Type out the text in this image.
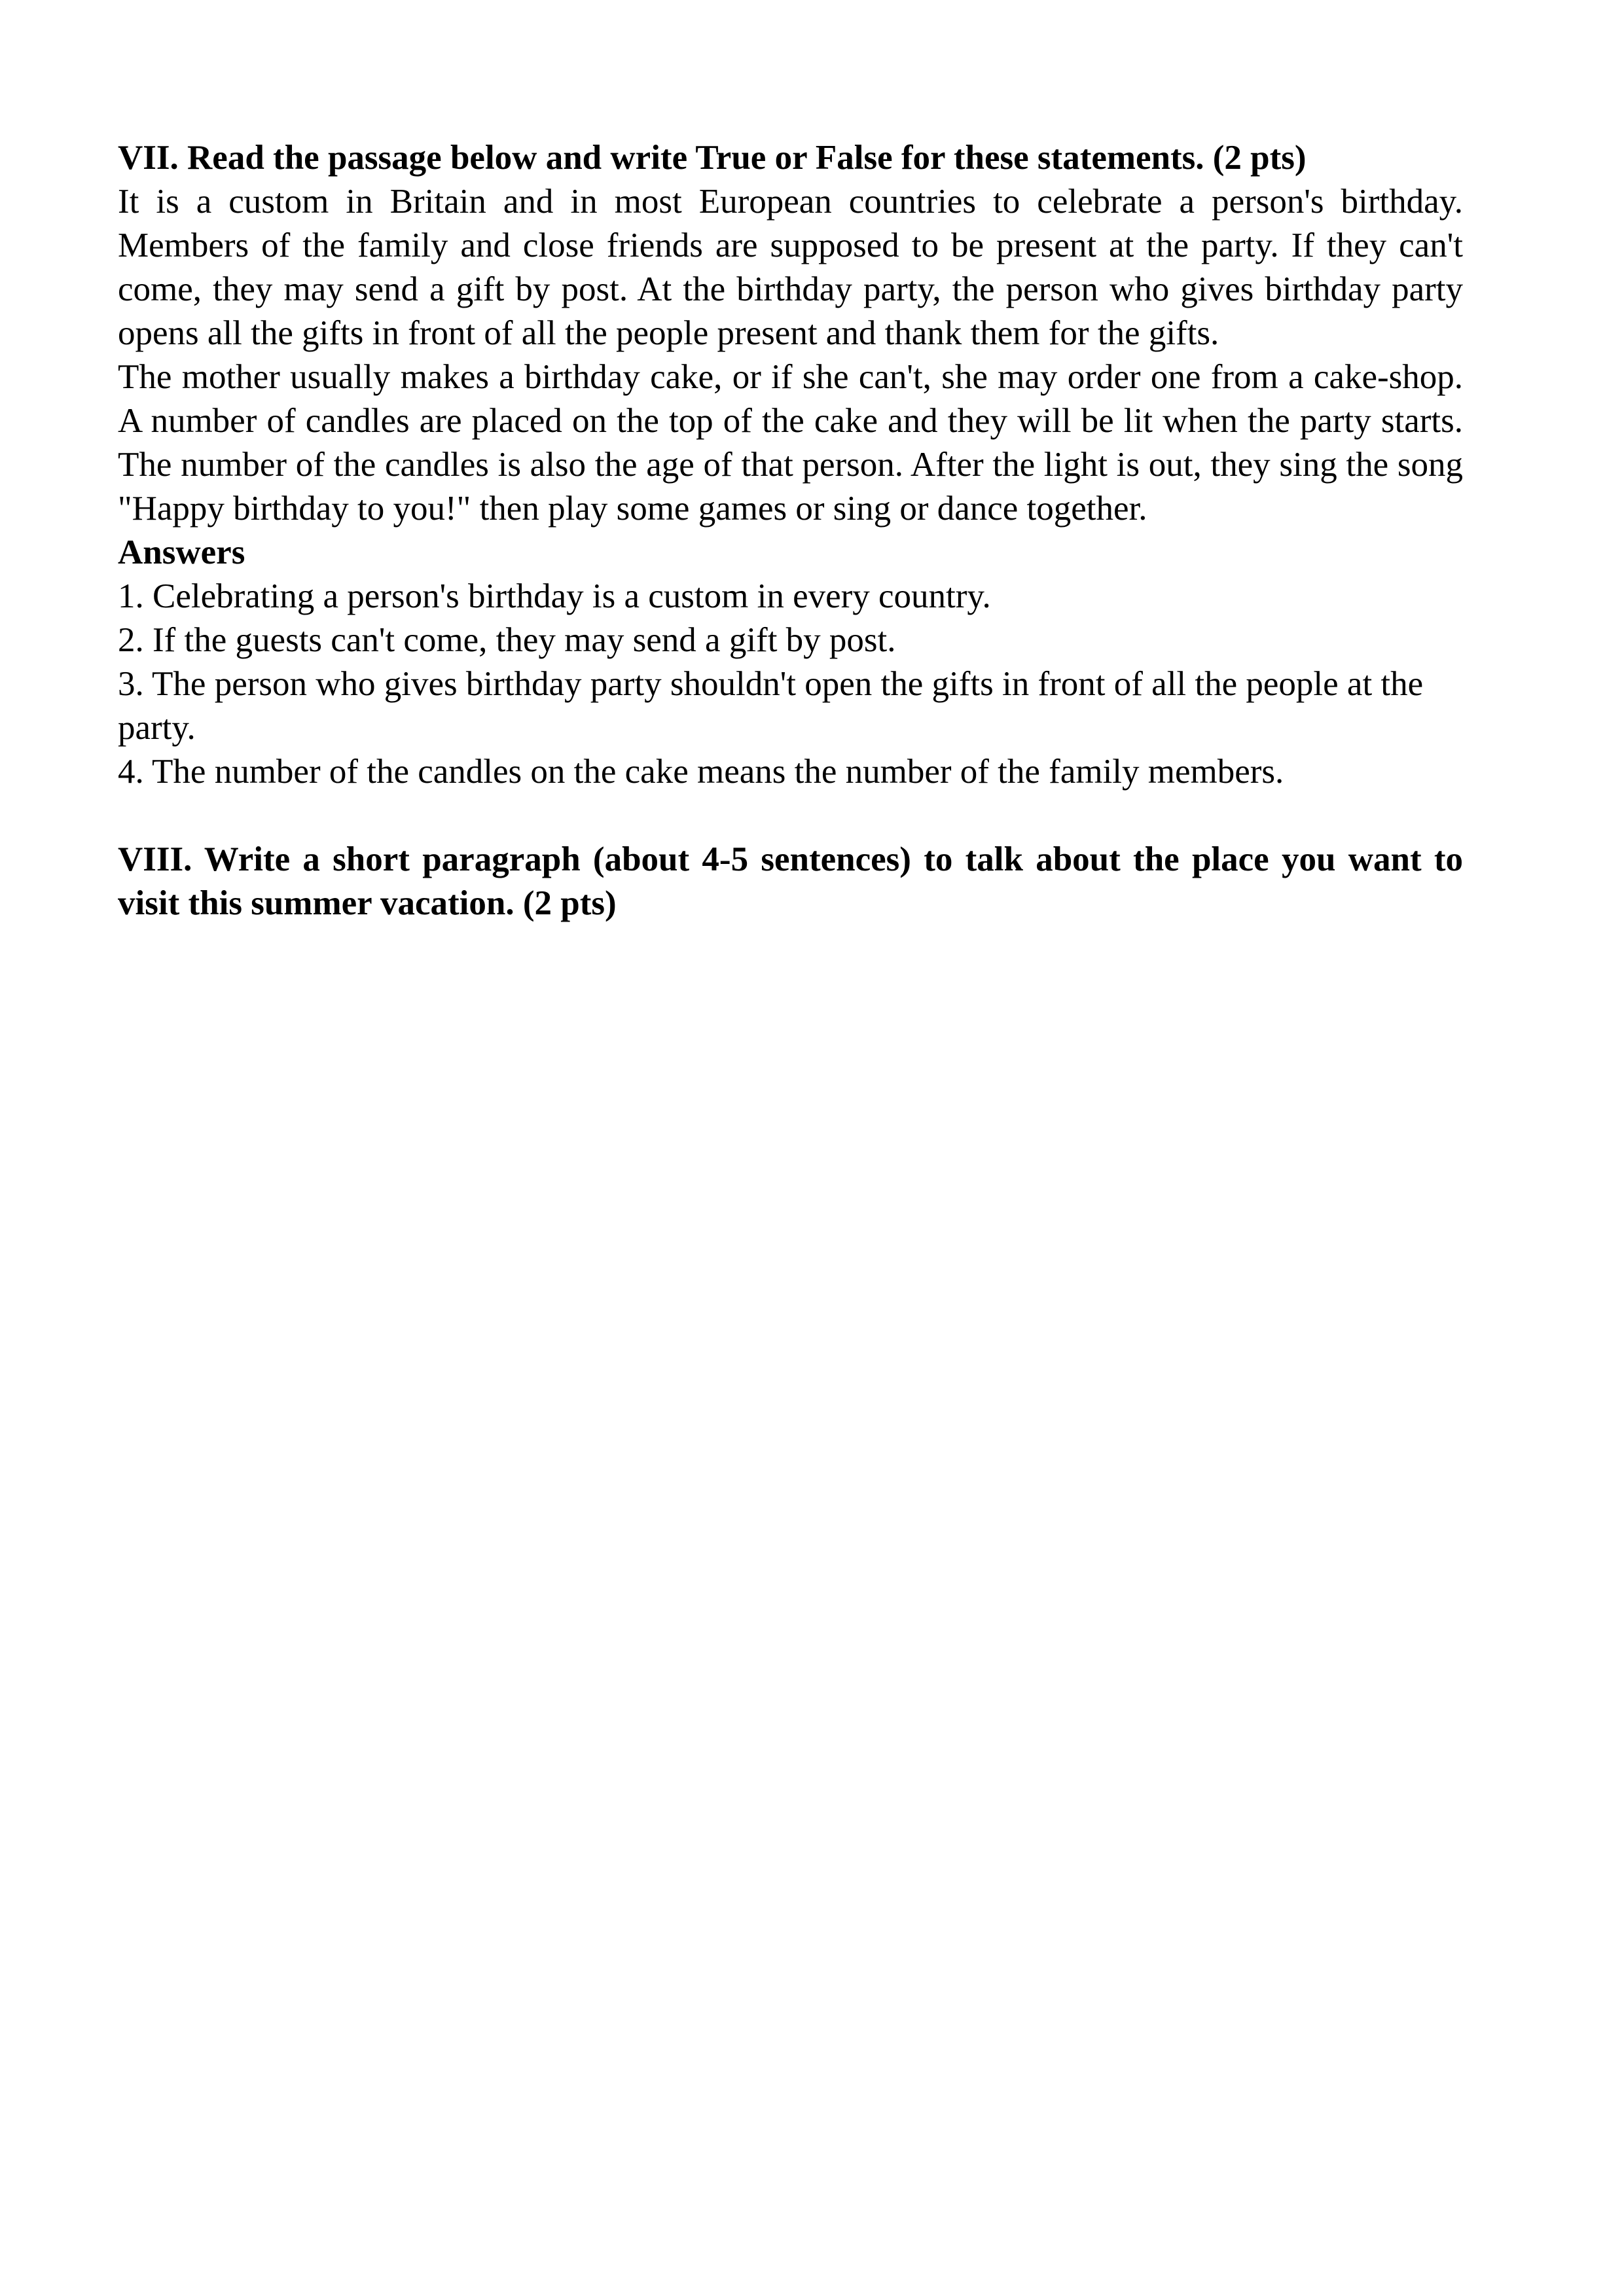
VII. Read the passage below and write True or False for these statements. (2 pts)

It is a custom in Britain and in most European countries to celebrate a person's birthday. Members of the family and close friends are supposed to be present at the party. If they can't come, they may send a gift by post. At the birthday party, the person who gives birthday party opens all the gifts in front of all the people present and thank them for the gifts.

The mother usually makes a birthday cake, or if she can't, she may order one from a cake-shop. A number of candles are placed on the top of the cake and they will be lit when the party starts. The number of the candles is also the age of that person. After the light is out, they sing the song "Happy birthday to you!" then play some games or sing or dance together.

Answers

1. Celebrating a person's birthday is a custom in every country.

2. If the guests can't come, they may send a gift by post.

3. The person who gives birthday party shouldn't open the gifts in front of all the people at the party.

4. The number of the candles on the cake means the number of the family members.

VIII. Write a short paragraph (about 4-5 sentences) to talk about the place you want to visit this summer vacation. (2 pts)
